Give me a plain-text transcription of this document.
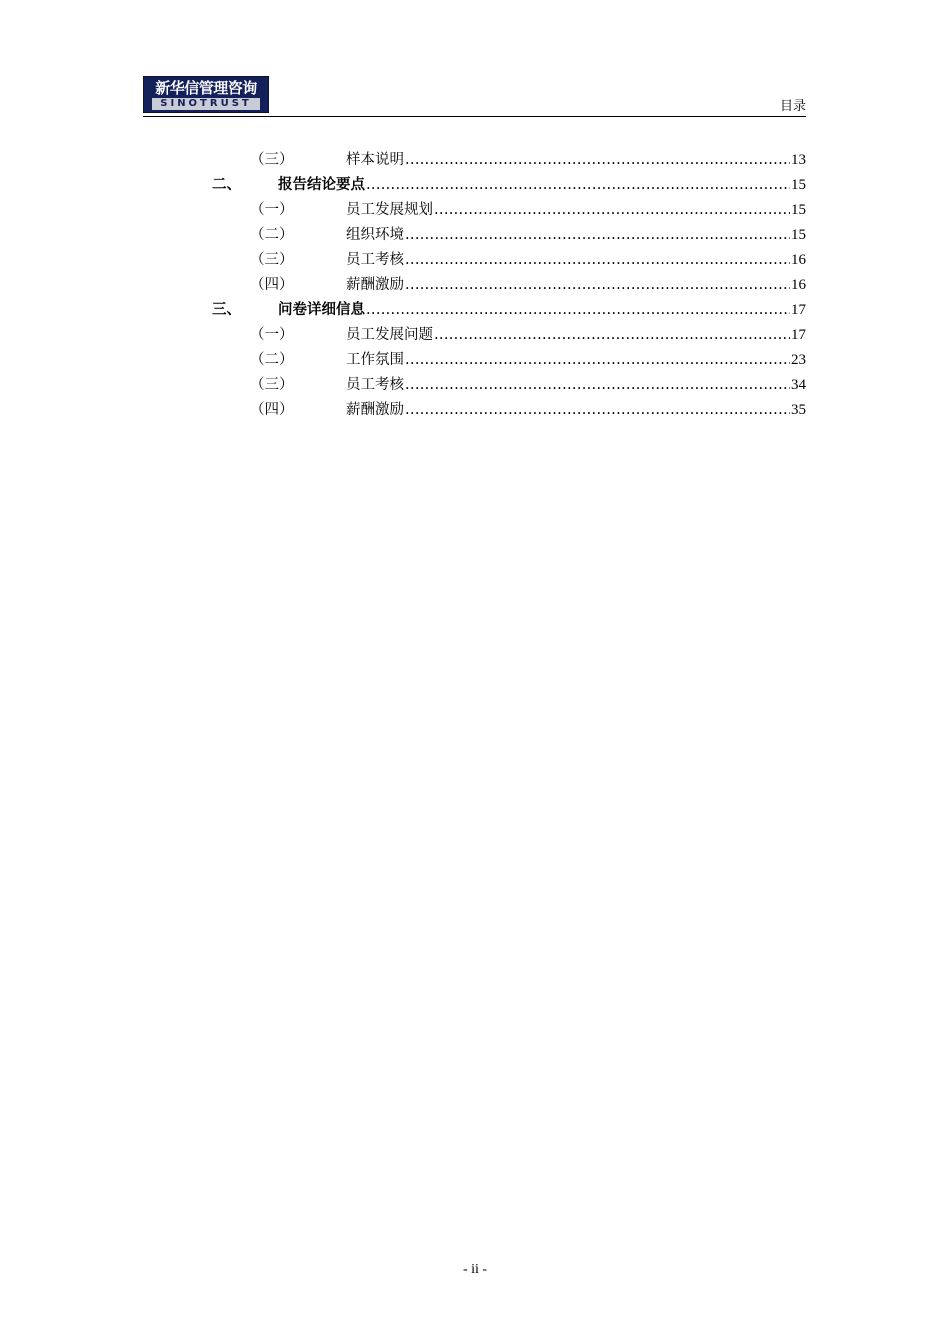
新华信管理咨询
SINOTRUST	目录
（三）	样本说明 .....	13
二、	报告结论要点 .....	15
（一）	员工发展规划 .....	15
（二）	组织环境 .....	15
（三）	员工考核 .....	16
（四）	薪酬激励 .....	16
三、	问卷详细信息 .....	17
（一）	员工发展问题 .....	17
（二）	工作氛围 .....	23
（三）	员工考核 .....	34
（四）	薪酬激励 .....	35
- ii -
